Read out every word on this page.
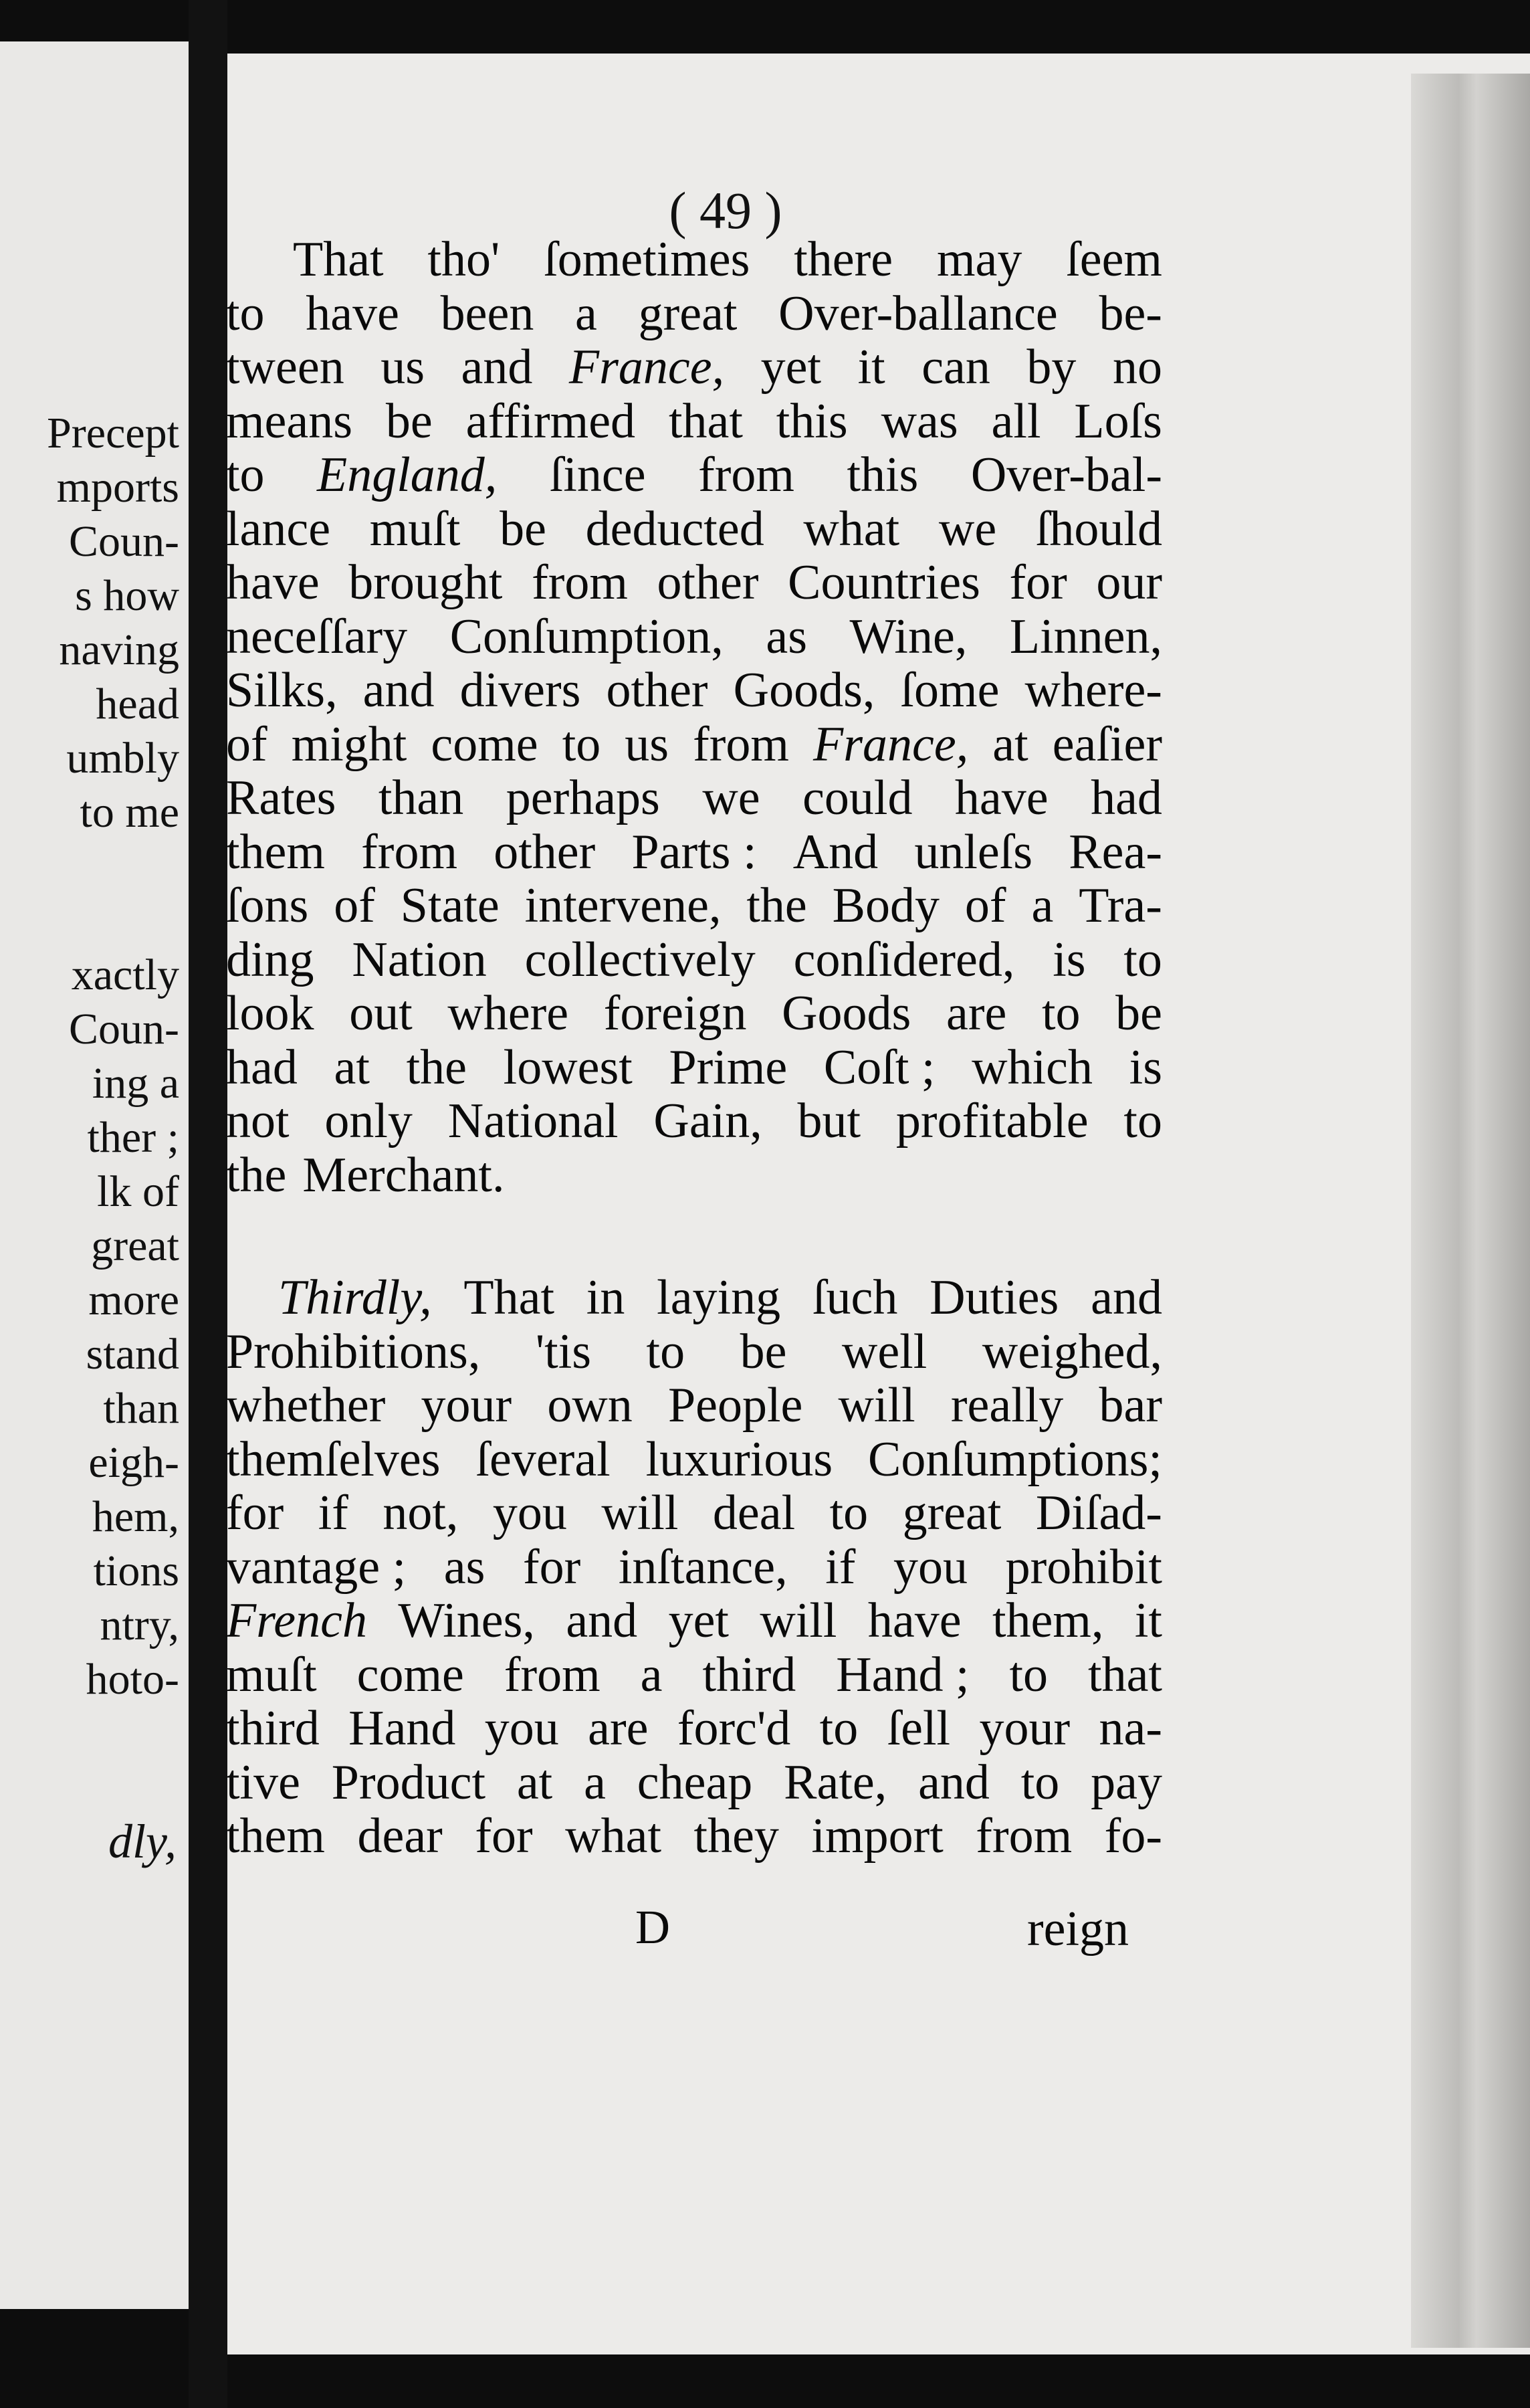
Precept
mports
Coun-
s how
naving
head
umbly
to me

xactly
Coun-
ing a
ther ;
lk of
great
more
stand
than
eigh-
hem,
tions
ntry,
hoto-
dly,
( 49 )
That tho' ſometimes there may ſeem
to have been a great Over-ballance be-
tween us and France, yet it can by no
means be affirmed that this was all Loſs
to England, ſince from this Over-bal-
lance muſt be deducted what we ſhould
have brought from other Countries for our
neceſſary Conſumption, as Wine, Linnen,
Silks, and divers other Goods, ſome where-
of might come to us from France, at eaſier
Rates than perhaps we could have had
them from other Parts : And unleſs Rea-
ſons of State intervene, the Body of a Tra-
ding Nation collectively conſidered, is to
look out where foreign Goods are to be
had at the lowest Prime Coſt ; which is
not only National Gain, but profitable to
the Merchant.
Thirdly, That in laying ſuch Duties and
Prohibitions, 'tis to be well weighed,
whether your own People will really bar
themſelves ſeveral luxurious Conſumptions;
for if not, you will deal to great Diſad-
vantage ; as for inſtance, if you prohibit
French Wines, and yet will have them, it
muſt come from a third Hand ; to that
third Hand you are forc'd to ſell your na-
tive Product at a cheap Rate, and to pay
them dear for what they import from fo-
D	reign
